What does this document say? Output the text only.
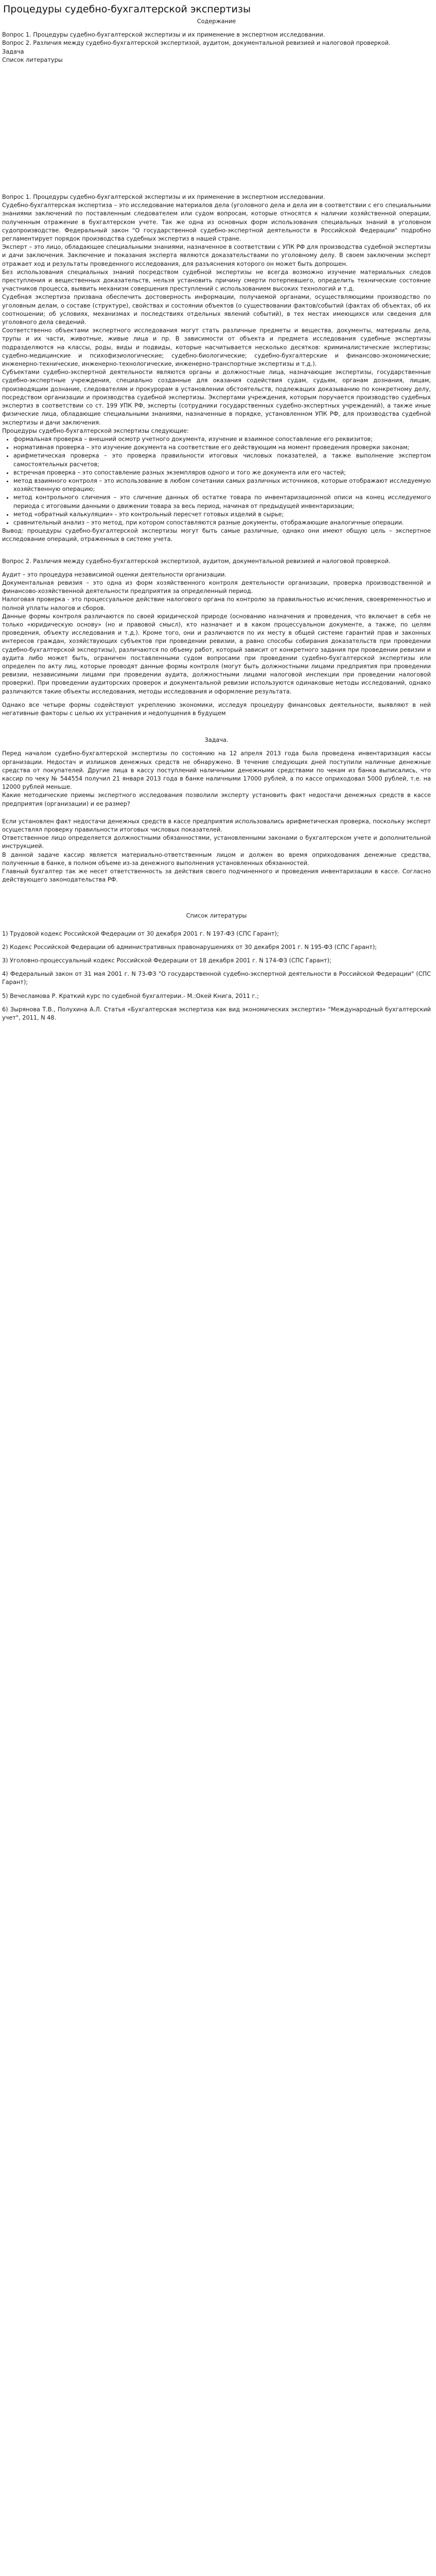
Процедуры судебно-бухгалтерской экспертизы

Содержание

Вопрос 1. Процедуры судебно-бухгалтерской экспертизы и их применение в экспертном исследовании.

Вопрос 2. Различия между судебно-бухгалтерской экспертизой, аудитом, документальной ревизией и налоговой проверкой.

Задача

Список литературы

Вопрос 1. Процедуры судебно-бухгалтерской экспертизы и их применение в экспертном исследовании.

Судебно-бухгалтерская экспертиза – это исследование материалов дела (уголовного дела и дела им в соответствии с его специальными знаниями заключений по поставленным следователем или судом вопросам, которые относятся к наличии хозяйственной операции, полученным отражение в бухгалтерском учете. Так же одна из основных форм использования специальных знаний в уголовном судопроизводстве. Федеральный закон "О государственной судебно-экспертной деятельности в Российской Федерации" подробно регламентирует порядок производства судебных экспертиз в нашей стране.

Эксперт – это лицо, обладающее специальными знаниями, назначенное в соответствии с УПК РФ для производства судебной экспертизы и дачи заключения. Заключение и показания эксперта являются доказательствами по уголовному делу. В своем заключении эксперт отражает ход и результаты проведенного исследования, для разъяснения которого он может быть допрошен.

Без использования специальных знаний посредством судебной экспертизы не всегда возможно изучение материальных следов преступления и вещественных доказательств, нельзя установить причину смерти потерпевшего, определить технические состояние участников процесса, выявить механизм совершения преступлений с использованием высоких технологий и т.д.

Судебная экспертиза призвана обеспечить достоверность информации, получаемой органами, осуществляющими производство по уголовным делам, о составе (структуре), свойствах и состоянии объектов (о существовании фактов/событий (фактах об объектах, об их соотношении; об условиях, механизмах и последствиях отдельных явлений событий), в тех местах имеющихся или сведения для уголовного дела сведений.

Соответственно объектами экспертного исследования могут стать различные предметы и вещества, документы, материалы дела, трупы и их части, животные, живые лица и пр. В зависимости от объекта и предмета исследования судебные экспертизы подразделяются на классы, роды, виды и подвиды, которые насчитывается несколько десятков: криминалистические экспертизы; судебно-медицинские и психофизиологические; судебно-биологические; судебно-бухгалтерские и финансово-экономические; инженерно-технические, инженерно-технологические, инженерно-транспортные экспертизы и т.д.).

Субъектами судебно-экспертной деятельности являются органы и должностные лица, назначающие экспертизы, государственные судебно-экспертные учреждения, специально созданные для оказания содействия судам, судьям, органам дознания, лицам, производящим дознание, следователям и прокурорам в установлении обстоятельств, подлежащих доказыванию по конкретному делу, посредством организации и производства судебной экспертизы. Экспертами учреждения, которым поручается производство судебных экспертиз в соответствии со ст. 199 УПК РФ, эксперты (сотрудники государственных судебно-экспертных учреждений), а также иные физические лица, обладающие специальными знаниями, назначенные в порядке, установленном УПК РФ, для производства судебной экспертизы и дачи заключения.

Процедуры судебно-бухгалтерской экспертизы следующие:

• формальная проверка – внешний осмотр учетного документа, изучение и взаимное сопоставление его реквизитов;
• нормативная проверка – это изучение документа на соответствие его действующим на момент проведения проверки законам;
• арифметическая проверка – это проверка правильности итоговых числовых показателей, а также выполнение экспертом самостоятельных расчетов;
• встречная проверка – это сопоставление разных экземпляров одного и того же документа или его частей;
• метод взаимного контроля – это использование в любом сочетании самых различных источников, которые отображают исследуемую хозяйственную операцию;
• метод контрольного сличения – это сличение данных об остатке товара по инвентаризационной описи на конец исследуемого периода с итоговыми данными о движении товара за весь период, начиная от предыдущей инвентаризации;
• метод «обратный калькуляции» - это контрольный пересчет готовых изделий в сырье;
• сравнительный анализ – это метод, при котором сопоставляются разные документы, отображающие аналогичные операции.

Вывод: процедуры судебно-бухгалтерской экспертизы могут быть самые различные, однако они имеют общую цель – экспертное исследование операций, отраженных в системе учета.

Вопрос 2. Различия между судебно-бухгалтерской экспертизой, аудитом, документальной ревизией и налоговой проверкой.

Аудит – это процедура независимой оценки деятельности организации.

Документальная ревизия – это одна из форм хозяйственного контроля деятельности организации, проверка производственной и финансово-хозяйственной деятельности предприятия за определенный период.

Налоговая проверка - это процессуальное действие налогового органа по контролю за правильностью исчисления, своевременностью и полной уплаты налогов и сборов.

Данные формы контроля различаются по своей юридической природе (основанию назначения и проведения, что включает в себя не только «юридическую основу» (но и правовой смысл), кто назначает и в каком процессуальном документе, а также, по целям проведения, объекту исследования и т.д.). Кроме того, они и различаются по их месту в общей системе гарантий прав и законных интересов граждан, хозяйствующих субъектов при проведении ревизии, а равно способы собирания доказательств при проведении судебно-бухгалтерской экспертизы), различаются по объему работ, который зависит от конкретного задания при проведении ревизии и аудита либо может быть, ограничен поставленными судом вопросами при проведении судебно-бухгалтерской экспертизы или определен по акту лиц, которые проводят данные формы контроля (могут быть должностными лицами предприятия при проведении ревизии, независимыми лицами при проведении аудита, должностными лицами налоговой инспекции при проведении налоговой проверки). При проведении аудиторских проверок и документальной ревизии используются одинаковые методы исследований, однако различаются такие объекты исследования, методы исследования и оформление результата.

Однако все четыре формы содействуют укреплению экономики, исследуя процедуру финансовых деятельности, выявляют в ней негативные факторы с целью их устранения и недопущения в будущем

Задача.

Перед началом судебно-бухгалтерской экспертизы по состоянию на 12 апреля 2013 года была проведена инвентаризация кассы организации. Недостач и излишков денежных средств не обнаружено. В течение следующих дней поступили наличные денежные средства от покупателей. Другие лица в кассу поступлений наличными денежными средствами по чекам из банка выписались, что кассир по чеку № 544554 получил 21 января 2013 года в банке наличными 17000 рублей, а по кассе оприходовал 5000 рублей, т.е. на 12000 рублей меньше.

Какие методические приемы экспертного исследования позволили эксперту установить факт недостачи денежных средств в кассе предприятия (организации) и ее размер?

Если установлен факт недостачи денежных средств в кассе предприятия использовались арифметическая проверка, поскольку эксперт осуществлял проверку правильности итоговых числовых показателей.

Ответственное лицо определяется должностными обязанностями, установленными законами о бухгалтерском учете и дополнительной инструкцией.

В данной задаче кассир является материально-ответственным лицом и должен во время оприходования денежные средства, полученные в банке, в полном объеме из-за денежного выполнения установленных обязанностей.

Главный бухгалтер так же несет ответственность за действия своего подчиненного и проведения инвентаризации в кассе. Согласно действующего законодательства РФ.

Список литературы

1) Трудовой кодекс Российской Федерации от 30 декабря 2001 г. N 197-ФЗ (СПС Гарант);

2) Кодекс Российской Федерации об административных правонарушениях от 30 декабря 2001 г. N 195-ФЗ (СПС Гарант);

3) Уголовно-процессуальный кодекс Российской Федерации от 18 декабря 2001 г. N 174-ФЗ (СПС Гарант);

4) Федеральный закон от 31 мая 2001 г. N 73-ФЗ "О государственной судебно-экспертной деятельности в Российской Федерации" (СПС Гарант);

5) Вечесламова Р. Краткий курс по судебной бухгалтерии.- М.:Окей Книга, 2011 г.;

6) Зырянова Т.В., Полухина А.Л. Статья «Бухгалтерская экспертиза как вид экономических экспертиз» "Международный бухгалтерский учет", 2011, N 48.
